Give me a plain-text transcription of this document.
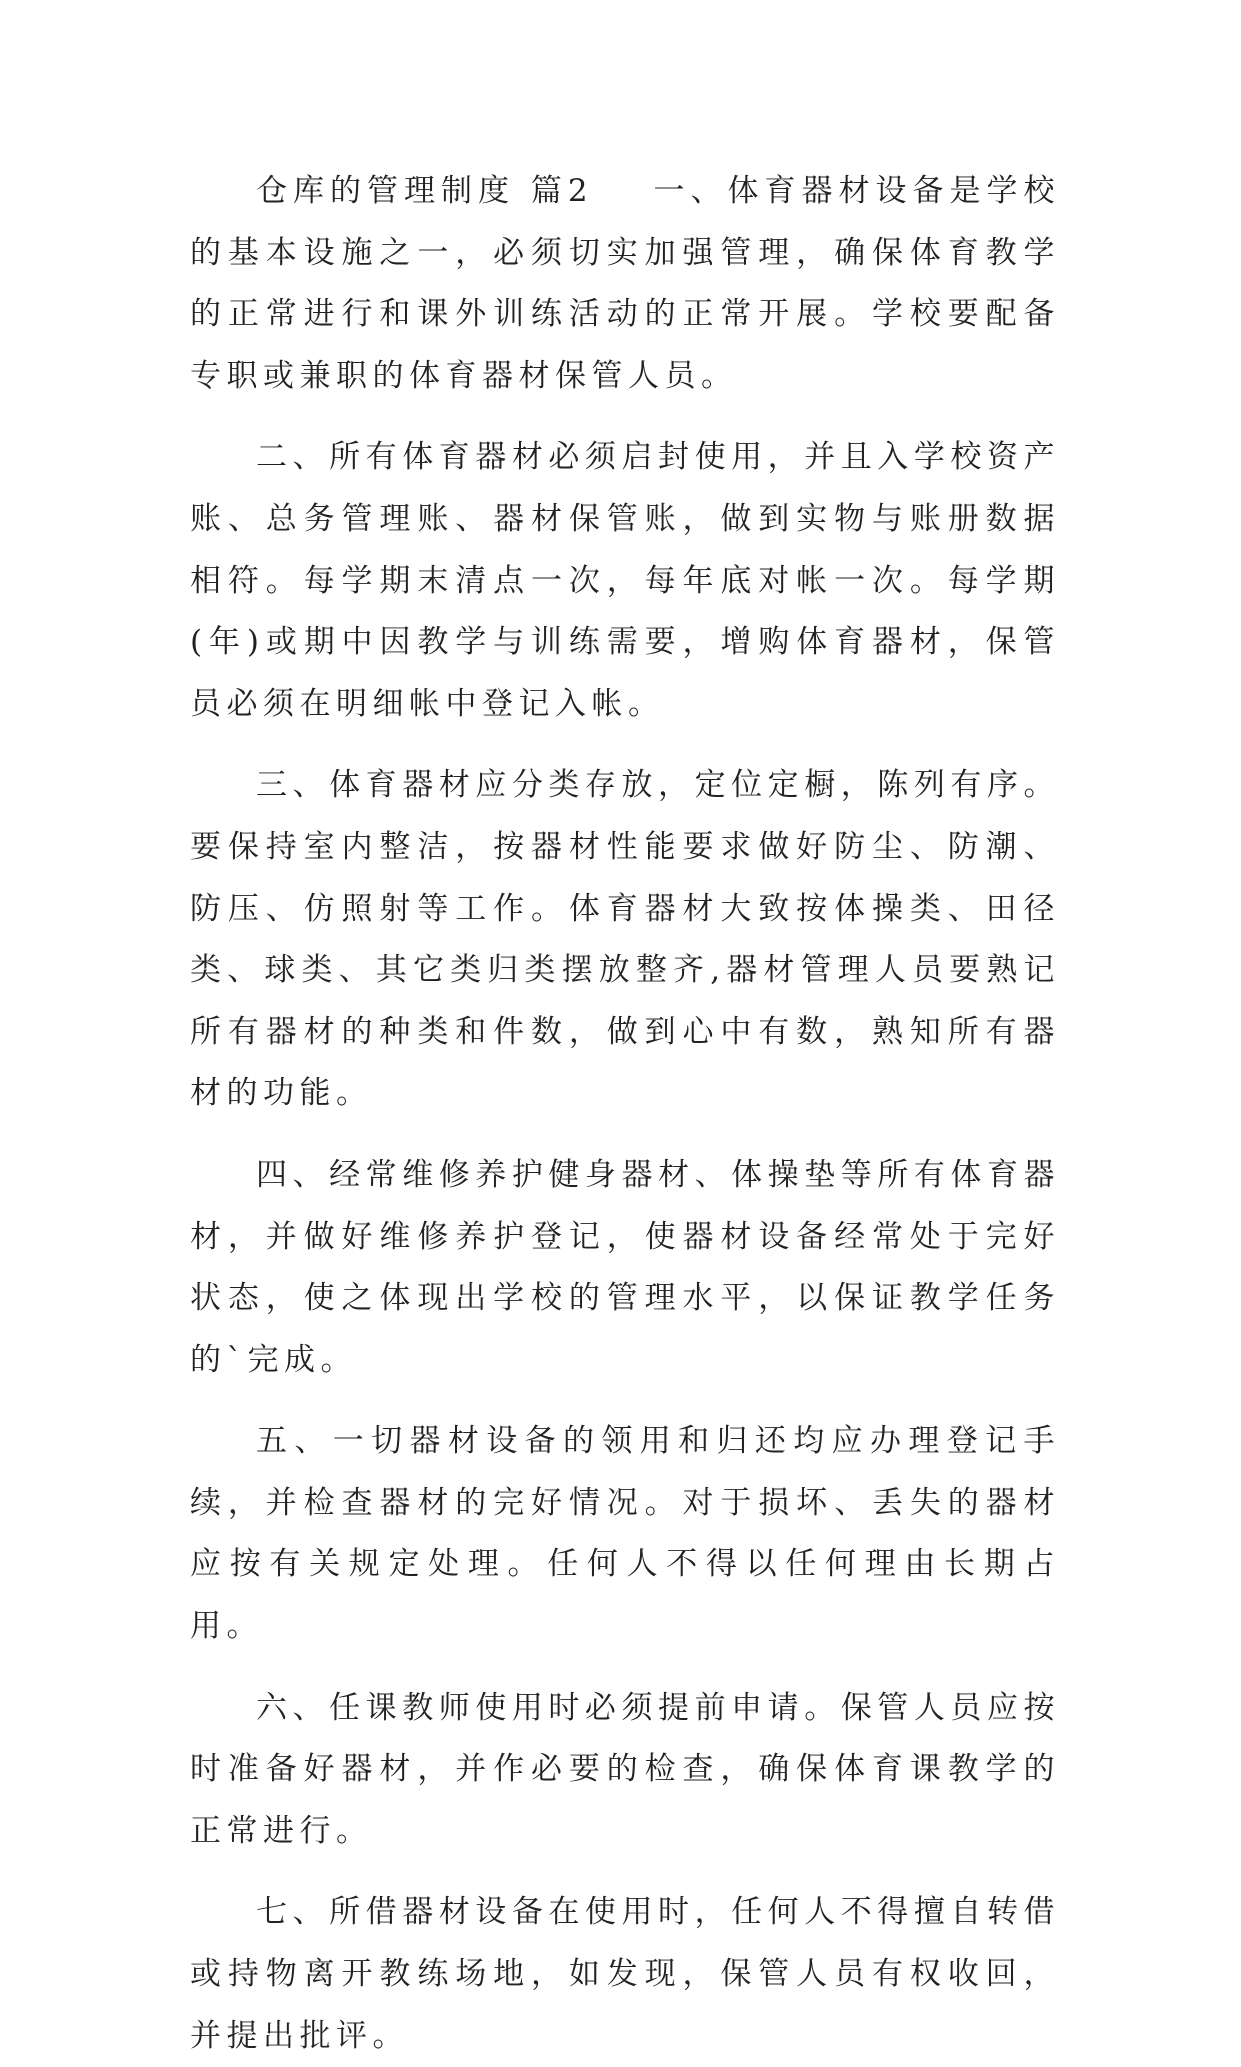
仓库的管理制度 篇2 一、体育器材设备是学校的基本设施之一，必须切实加强管理，确保体育教学的正常进行和课外训练活动的正常开展。学校要配备专职或兼职的体育器材保管人员。

二、所有体育器材必须启封使用，并且入学校资产账、总务管理账、器材保管账，做到实物与账册数据相符。每学期末清点一次，每年底对帐一次。每学期(年)或期中因教学与训练需要，增购体育器材，保管员必须在明细帐中登记入帐。

三、体育器材应分类存放，定位定橱，陈列有序。要保持室内整洁，按器材性能要求做好防尘、防潮、防压、仿照射等工作。体育器材大致按体操类、田径类、球类、其它类归类摆放整齐,器材管理人员要熟记所有器材的种类和件数，做到心中有数，熟知所有器材的功能。

四、经常维修养护健身器材、体操垫等所有体育器材，并做好维修养护登记，使器材设备经常处于完好状态，使之体现出学校的管理水平，以保证教学任务的`完成。

五、一切器材设备的领用和归还均应办理登记手续，并检查器材的完好情况。对于损坏、丢失的器材应按有关规定处理。任何人不得以任何理由长期占用。

六、任课教师使用时必须提前申请。保管人员应按时准备好器材，并作必要的检查，确保体育课教学的正常进行。

七、所借器材设备在使用时，任何人不得擅自转借或持物离开教练场地，如发现，保管人员有权收回，并提出批评。
